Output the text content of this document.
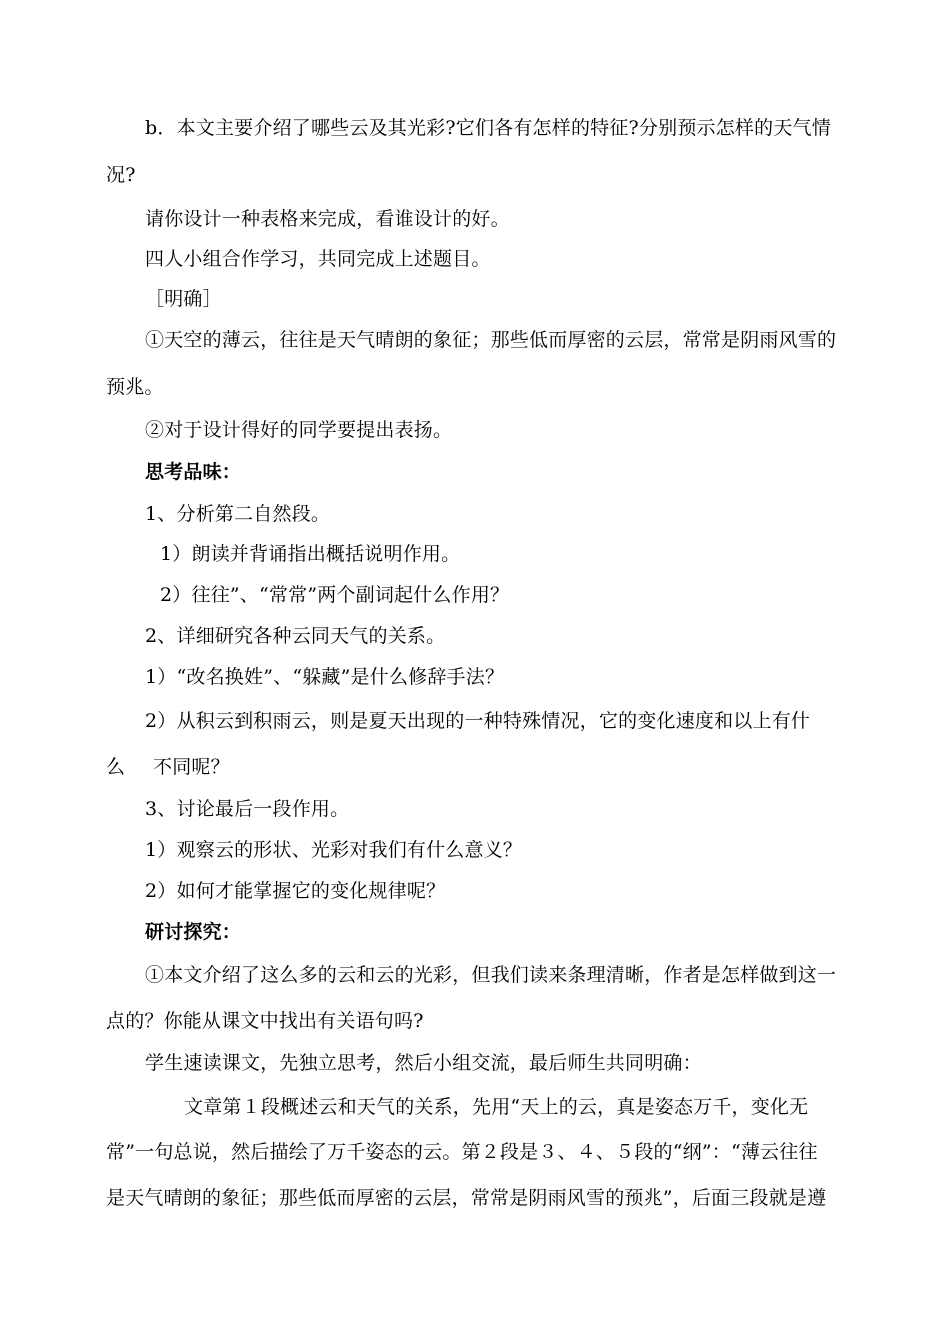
b．本文主要介绍了哪些云及其光彩?它们各有怎样的特征?分别预示怎样的天气情
况?
请你设计一种表格来完成，看谁设计的好。
四人小组合作学习，共同完成上述题目。
［明确］
①天空的薄云，往往是天气晴朗的象征；那些低而厚密的云层，常常是阴雨风雪的
预兆。
②对于设计得好的同学要提出表扬。
思考品味：
1、分析第二自然段。
1）朗读并背诵指出概括说明作用。
2）往往”、“常常”两个副词起什么作用？
2、详细研究各种云同天气的关系。
1）“改名换姓”、“躲藏”是什么修辞手法？
2）从积云到积雨云，则是夏天出现的一种特殊情况，它的变化速度和以上有什
么 不同呢？
3、讨论最后一段作用。
1）观察云的形状、光彩对我们有什么意义？
2）如何才能掌握它的变化规律呢？
研讨探究：
①本文介绍了这么多的云和云的光彩，但我们读来条理清晰，作者是怎样做到这一
点的？你能从课文中找出有关语句吗?
学生速读课文，先独立思考，然后小组交流，最后师生共同明确：
文章第１段概述云和天气的关系，先用“天上的云，真是姿态万千，变化无
常”一句总说，然后描绘了万千姿态的云。第２段是３、４、５段的“纲”：“薄云往往
是天气晴朗的象征；那些低而厚密的云层，常常是阴雨风雪的预兆”，后面三段就是遵
